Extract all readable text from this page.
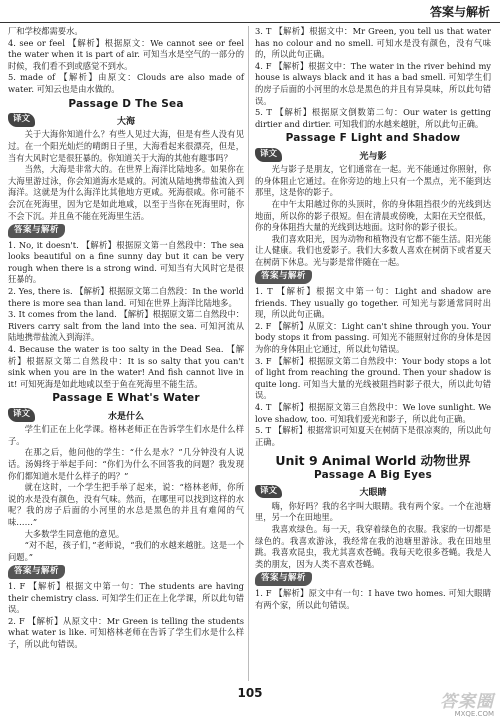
答案与解析

厂和学校都需要水。

4. see or feel 【解析】根据原文：We cannot see or feel the water when it is part of air. 可知当水是空气的一部分的时候，我们看不到或感觉不到水。

5. made of 【解析】由原文：Clouds are also made of water. 可知云也是由水做的。

Passage D The Sea
译文	大海

关于大海你知道什么？有些人见过大海，但是有些人没有见过。在一个阳光灿烂的晴朗日子里，大海看起来很漂亮，但是，当有大风时它是很狂暴的。你知道关于大海的其他有趣事吗？

当然，大海是非常大的。在世界上海洋比陆地多。如果你在大海里游过泳，你会知道海水是咸的。河流从陆地携带盐流入到海洋。这就是为什么海洋比其他地方更咸。死海很咸。你可能不会沉在死海里，因为它是如此地咸，以至于当你在死海里时，你不会下沉。并且鱼不能在死海里生活。

答案与解析

1. No, it doesn't. 【解析】根据原文第一自然段中：The sea looks beautiful on a fine sunny day but it can be very rough when there is a strong wind. 可知当有大风时它是很狂暴的。

2. Yes, there is. 【解析】根据原文第二自然段：In the world there is more sea than land. 可知在世界上海洋比陆地多。

3. It comes from the land. 【解析】根据原文第二自然段中：Rivers carry salt from the land into the sea. 可知河流从陆地携带盐流入到海洋。

4. Because the water is too salty in the Dead Sea. 【解析】根据原文第二自然段中：It is so salty that you can't sink when you are in the water! And fish cannot live in it! 可知死海是如此地咸以至于鱼在死海里不能生活。

Passage E What's Water
译文	水是什么

学生们正在上化学课。格林老师正在告诉学生们水是什么样子。

在那之后，他问他的学生：“什么是水？”几分钟没有人说话。汤姆终于举起手问：“你们为什么不回答我的问题？我发现你们都知道水是什么样子的吗？”

就在这时，一个学生把手举了起来，说：“格林老师，你所说的水是没有颜色，没有气味。然而，在哪里可以找到这样的水呢？我的房子后面的小河里的水总是黑色的并且有难闻的气味……”

大多数学生同意他的意见。

“对不起，孩子们，”老师说，“我们的水越来越脏。这是一个问题。”

答案与解析

1. F 【解析】根据文中第一句：The students are having their chemistry class. 可知学生们正在上化学课，所以此句错误。

2. F 【解析】从原文中：Mr Green is telling the students what water is like. 可知格林老师在告诉了学生们水是什么样子，所以此句错误。

3. T 【解析】根据文中：Mr Green, you tell us that water has no colour and no smell. 可知水是没有颜色，没有气味的，所以此句正确。

4. F 【解析】根据文中：The water in the river behind my house is always black and it has a bad smell. 可知学生们的房子后面的小河里的水总是黑色的并且有异臭味，所以此句错误。

5. T 【解析】根据原文倒数第二句：Our water is getting dirtier and dirtier. 可知我们的水越来越脏，所以此句正确。

Passage F Light and Shadow
译文	光与影

光与影子是朋友，它们通常在一起。光不能通过你照射，你的身体阻止它通过。在你旁边的地上只有一个黑点，光不能到达那里，这是你的影子。

在中午太阳越过你的头顶时，你的身体阻挡很少的光线到达地面，所以你的影子很短。但在清晨或傍晚，太阳在天空很低，你的身体阻挡大量的光线到达地面。这时你的影子很长。

我们喜欢阳光，因为动物和植物没有它都不能生活。阳光能让人健康。我们也爱影子。我们大多数人喜欢在树荫下或者夏天在树荫下休息。光与影是常伴随在一起。

答案与解析

1. T 【解析】根据文中第一句：Light and shadow are friends. They usually go together. 可知光与影通常同时出现，所以此句正确。

2. F 【解析】从原文：Light can't shine through you. Your body stops it from passing. 可知光不能照射过你的身体是因为你的身体阻止它通过，所以此句错误。

3. F 【解析】根据原文第二自然段中：Your body stops a lot of light from reaching the ground. Then your shadow is quite long. 可知当大量的光线被阻挡时影子很大，所以此句错误。

4. T 【解析】根据原文第三自然段中：We love sunlight. We love shadow, too. 可知我们爱光和影子，所以此句正确。

5. T 【解析】根据常识可知夏天在树荫下是很凉爽的，所以此句正确。

Unit 9 Animal World 动物世界
Passage A Big Eyes
译文	大眼睛

嗨，你好吗？我的名字叫大眼睛。我有两个家。一个在池塘里，另一个在田地里。

我喜欢绿色。每一天，我穿着绿色的衣服。我家的一切都是绿色的。我喜欢游泳，我经常在我的池塘里游泳。我在田地里跳。我喜欢昆虫，我尤其喜欢苍蝇。我每天吃很多苍蝇。我是人类的朋友，因为人类不喜欢苍蝇。

答案与解析

1. F 【解析】原文中有一句：I have two homes. 可知大眼睛有两个家，所以此句错误。

105	答案圈
MXQE.COM
